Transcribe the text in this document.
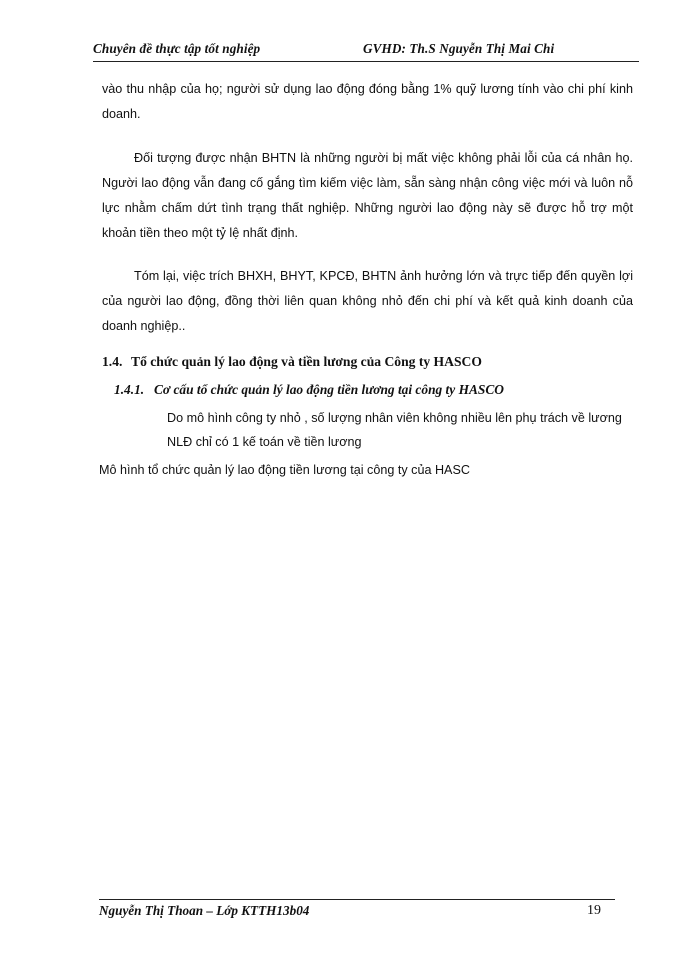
Chuyên đề thực tập tốt nghiệp	GVHD: Th.S Nguyễn Thị Mai Chi
vào thu nhập của họ; người sử dụng lao động đóng bằng 1% quỹ lương tính vào chi phí kinh doanh.
Đối tượng được nhận BHTN là những người bị mất việc không phải lỗi của cá nhân họ. Người lao động vẫn đang cố gắng tìm kiếm việc làm, sẵn sàng nhận công việc mới và luôn nỗ lực nhằm chấm dứt tình trạng thất nghiệp. Những người lao động này sẽ được hỗ trợ một khoản tiền theo một tỷ lệ nhất định.
Tóm lại, việc trích BHXH, BHYT, KPCĐ, BHTN ảnh hưởng lớn và trực tiếp đến quyền lợi của người lao động, đồng thời liên quan không nhỏ đến chi phí và kết quả kinh doanh của doanh nghiệp..
1.4. Tổ chức quản lý lao động và tiền lương của Công ty HASCO
1.4.1. Cơ cấu tổ chức quản lý lao động tiền lương tại công ty HASCO
Do mô hình công ty nhỏ , số lượng nhân viên không nhiều lên phụ trách về lương NLĐ chỉ có 1 kế toán về tiền lương
Mô hình tổ chức quản lý lao động tiền lương tại công ty của HASC
Nguyễn Thị Thoan – Lớp KTTH13b04	19
